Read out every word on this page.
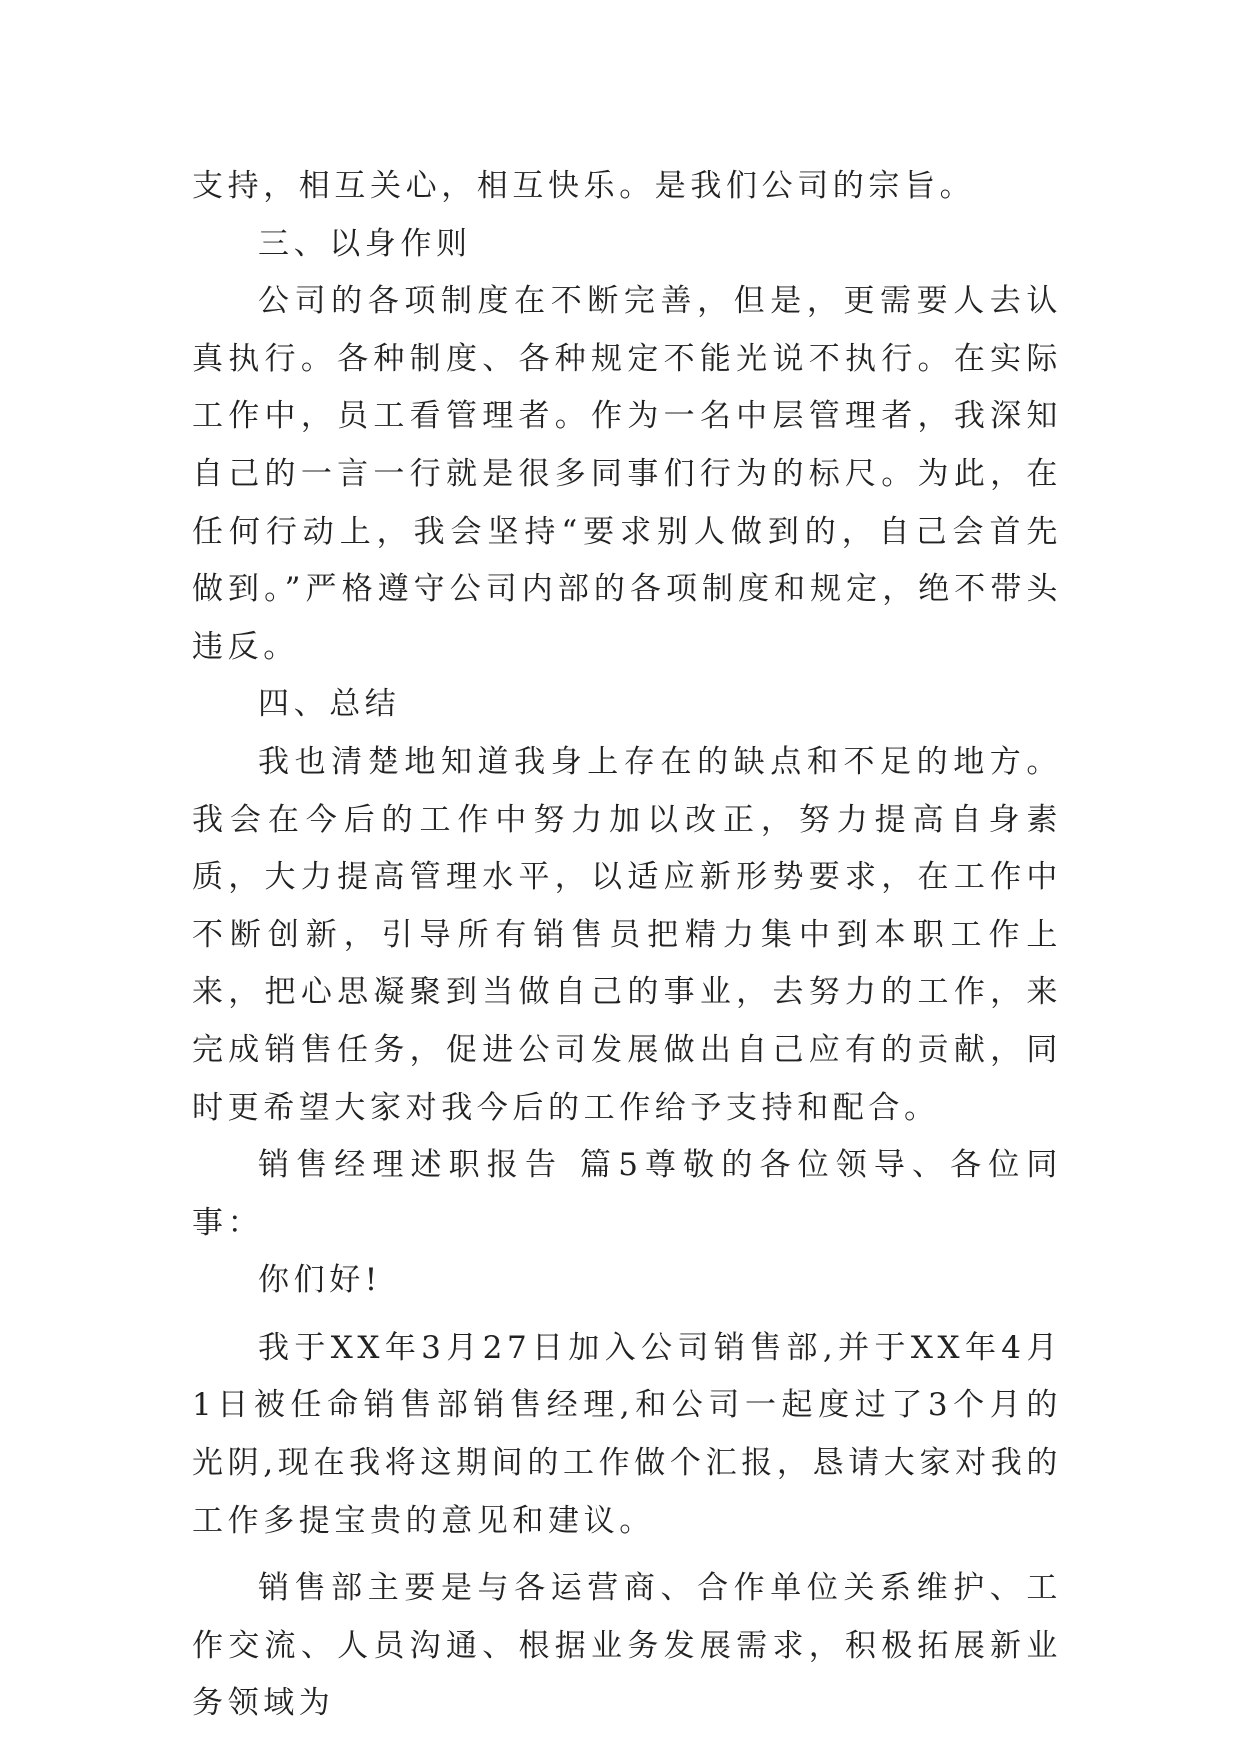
支持，相互关心，相互快乐。是我们公司的宗旨。

三、以身作则

公司的各项制度在不断完善，但是，更需要人去认真执行。各种制度、各种规定不能光说不执行。在实际工作中，员工看管理者。作为一名中层管理者，我深知自己的一言一行就是很多同事们行为的标尺。为此，在任何行动上，我会坚持“要求别人做到的，自己会首先做到。”严格遵守公司内部的各项制度和规定，绝不带头违反。

四、总结

我也清楚地知道我身上存在的缺点和不足的地方。我会在今后的工作中努力加以改正，努力提高自身素质，大力提高管理水平，以适应新形势要求，在工作中不断创新，引导所有销售员把精力集中到本职工作上来，把心思凝聚到当做自己的事业，去努力的工作，来完成销售任务，促进公司发展做出自己应有的贡献，同时更希望大家对我今后的工作给予支持和配合。

销售经理述职报告 篇5尊敬的各位领导、各位同事：

你们好!

我于XX年3月27日加入公司销售部,并于XX年4月1日被任命销售部销售经理,和公司一起度过了3个月的光阴,现在我将这期间的工作做个汇报，恳请大家对我的工作多提宝贵的意见和建议。

销售部主要是与各运营商、合作单位关系维护、工作交流、人员沟通、根据业务发展需求，积极拓展新业务领域为
